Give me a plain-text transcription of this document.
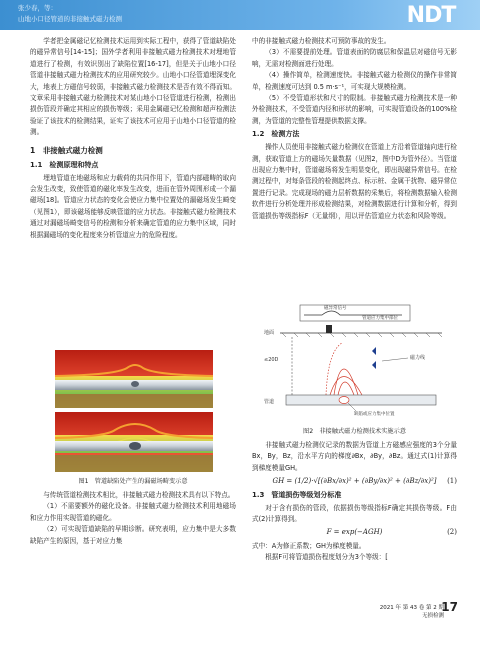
张少春，等：
山地小口径管道的非接触式磁力检测	NDT

学者把金属磁记忆检测技术运用到实际工程中，获得了管道缺陷处的磁异常信号[14-15]；国外学者利用非接触式磁力检测技术对埋地管道进行了检测，有效识别出了缺陷位置[16-17]，但是关于山地小口径管道非接触式磁力检测技术的应用研究较少。山地小口径管道埋深变化大，地表上方磁信号较弱，非接触式磁力检测技术是否有效不得而知。文章采用非接触式磁力检测技术对某山地小口径管道进行检测，检测出损伤管段并确定其相应的损伤等级；采用金属磁记忆检测和超声检测法验证了该技术的检测结果，证实了该技术可应用于山地小口径管道的检测。

1　非接触式磁力检测
1.1　检测原理和特点

埋地管道在地磁场和应力载荷的共同作用下，管道内部磁畴的取向会发生改变，致使管道的磁化率发生改变，进而在管外周围形成一个漏磁场[18]。管道应力状态的变化会使应力集中位置处的漏磁场发生畸变（见图1），即该磁场能够反映管道的应力状态。非接触式磁力检测技术通过对漏磁场畸变信号的检测和分析来确定管道的应力集中区域，同时根据漏磁场的变化程度来分析管道应力的危险程度。

图1　管道缺陷处产生的漏磁场畸变示意

与传统管道检测技术相比，非接触式磁力检测技术具有以下特点。

（1）不需要额外的磁化设备。非接触式磁力检测技术利用地磁场和应力作用实现管道的磁化。

（2）可实现管道缺陷的早期诊断。研究表明，应力集中是大多数缺陷产生的原因，基于对应力集

中的非接触式磁力检测技术可预防事故的发生。

（3）不需要提前处理。管道表面的防腐层和保温层对磁信号无影响，无需对检测面进行处理。

（4）操作简单，检测速度快。非接触式磁力检测仪的操作非常简单，检测速度可达到 0.5 m·s⁻¹，可实现大规模检测。

（5）不受管道形状和尺寸的限制。非接触式磁力检测技术是一种外检测技术，不受管道内径和形状的影响，可实现管道设备的100%检测，为管道的完整性管理提供数据支撑。

1.2　检测方法

操作人员使用非接触式磁力检测仪在管道上方沿着管道轴向进行检测，获取管道上方的磁场矢量数据（见图2，图中D为管外径）。当管道出现应力集中时，管道磁场将发生明显变化，即出现磁异常信号。在检测过程中，对每条管段的检测起终点、标示桩、金属干扰物、磁异常位置进行记录。完成现场的磁力层析数据的采集后，将检测数据输入检测软件进行分析处理并形成检测结果，对检测数据进行计算和分析，得到管道损伤等级指标F（无量纲），用以评估管道应力状态和风险等级。

磁异常信号
管道应力集中部位
地面
≤20D	磁力线
管道
缺陷或应力集中位置
图2　非接触式磁力检测技术实施示意

非接触式磁力检测仪记录的数据为管道上方磁感应强度的3个分量Bx，By，Bz，沿水平方向的梯度∂Bx，∂By，∂Bz。通过式(1)计算得到梯度模量GH。

GH = (1/2)·√[(∂Bx/∂x)² + (∂By/∂x)² + (∂Bz/∂x)²] (1)
1.3　管道损伤等级划分标准

对于含有损伤的管段，依据损伤等级指标F确定其损伤等级。F由式(2)计算得到。

F = exp(−AGH)	(2)

式中：A为修正系数；GH为梯度模量。

根据F可将管道损伤程度划分为3个等级：[

2021 年 第 43 卷 第 2 期
无损检测
17
